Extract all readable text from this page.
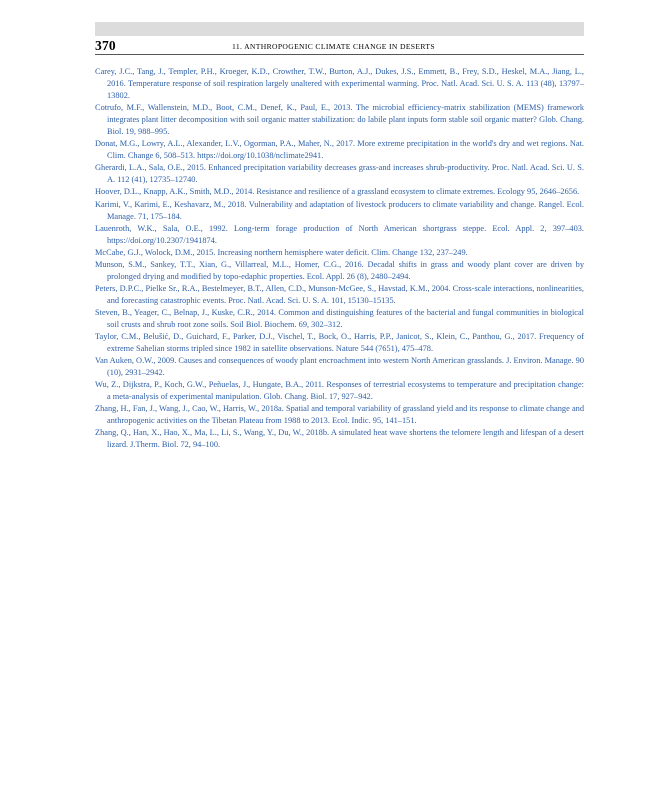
370	11. ANTHROPOGENIC CLIMATE CHANGE IN DESERTS
Carey, J.C., Tang, J., Templer, P.H., Kroeger, K.D., Crowther, T.W., Burton, A.J., Dukes, J.S., Emmett, B., Frey, S.D., Heskel, M.A., Jiang, L., 2016. Temperature response of soil respiration largely unaltered with experimental warming. Proc. Natl. Acad. Sci. U. S. A. 113 (48), 13797–13802.
Cotrufo, M.F., Wallenstein, M.D., Boot, C.M., Denef, K., Paul, E., 2013. The microbial efficiency-matrix stabilization (MEMS) framework integrates plant litter decomposition with soil organic matter stabilization: do labile plant inputs form stable soil organic matter? Glob. Chang. Biol. 19, 988–995.
Donat, M.G., Lowry, A.L., Alexander, L.V., Ogorman, P.A., Maher, N., 2017. More extreme precipitation in the world's dry and wet regions. Nat. Clim. Change 6, 508–513. https://doi.org/10.1038/nclimate2941.
Gherardi, L.A., Sala, O.E., 2015. Enhanced precipitation variability decreases grass-and increases shrub-productivity. Proc. Natl. Acad. Sci. U. S. A. 112 (41), 12735–12740.
Hoover, D.L., Knapp, A.K., Smith, M.D., 2014. Resistance and resilience of a grassland ecosystem to climate extremes. Ecology 95, 2646–2656.
Karimi, V., Karimi, E., Keshavarz, M., 2018. Vulnerability and adaptation of livestock producers to climate variability and change. Rangel. Ecol. Manage. 71, 175–184.
Lauenroth, W.K., Sala, O.E., 1992. Long-term forage production of North American shortgrass steppe. Ecol. Appl. 2, 397–403. https://doi.org/10.2307/1941874.
McCabe, G.J., Wolock, D.M., 2015. Increasing northern hemisphere water deficit. Clim. Change 132, 237–249.
Munson, S.M., Sankey, T.T., Xian, G., Villarreal, M.L., Homer, C.G., 2016. Decadal shifts in grass and woody plant cover are driven by prolonged drying and modified by topo-edaphic properties. Ecol. Appl. 26 (8), 2480–2494.
Peters, D.P.C., Pielke Sr., R.A., Bestelmeyer, B.T., Allen, C.D., Munson-McGee, S., Havstad, K.M., 2004. Cross-scale interactions, nonlinearities, and forecasting catastrophic events. Proc. Natl. Acad. Sci. U. S. A. 101, 15130–15135.
Steven, B., Yeager, C., Belnap, J., Kuske, C.R., 2014. Common and distinguishing features of the bacterial and fungal communities in biological soil crusts and shrub root zone soils. Soil Biol. Biochem. 69, 302–312.
Taylor, C.M., Belušić, D., Guichard, F., Parker, D.J., Vischel, T., Bock, O., Harris, P.P., Janicot, S., Klein, C., Panthou, G., 2017. Frequency of extreme Sahelian storms tripled since 1982 in satellite observations. Nature 544 (7651), 475–478.
Van Auken, O.W., 2009. Causes and consequences of woody plant encroachment into western North American grasslands. J. Environ. Manage. 90 (10), 2931–2942.
Wu, Z., Dijkstra, P., Koch, G.W., Peñuelas, J., Hungate, B.A., 2011. Responses of terrestrial ecosystems to temperature and precipitation change: a meta-analysis of experimental manipulation. Glob. Chang. Biol. 17, 927–942.
Zhang, H., Fan, J., Wang, J., Cao, W., Harris, W., 2018a. Spatial and temporal variability of grassland yield and its response to climate change and anthropogenic activities on the Tibetan Plateau from 1988 to 2013. Ecol. Indic. 95, 141–151.
Zhang, Q., Han, X., Hao, X., Ma, L., Li, S., Wang, Y., Du, W., 2018b. A simulated heat wave shortens the telomere length and lifespan of a desert lizard. J.Therm. Biol. 72, 94–100.
